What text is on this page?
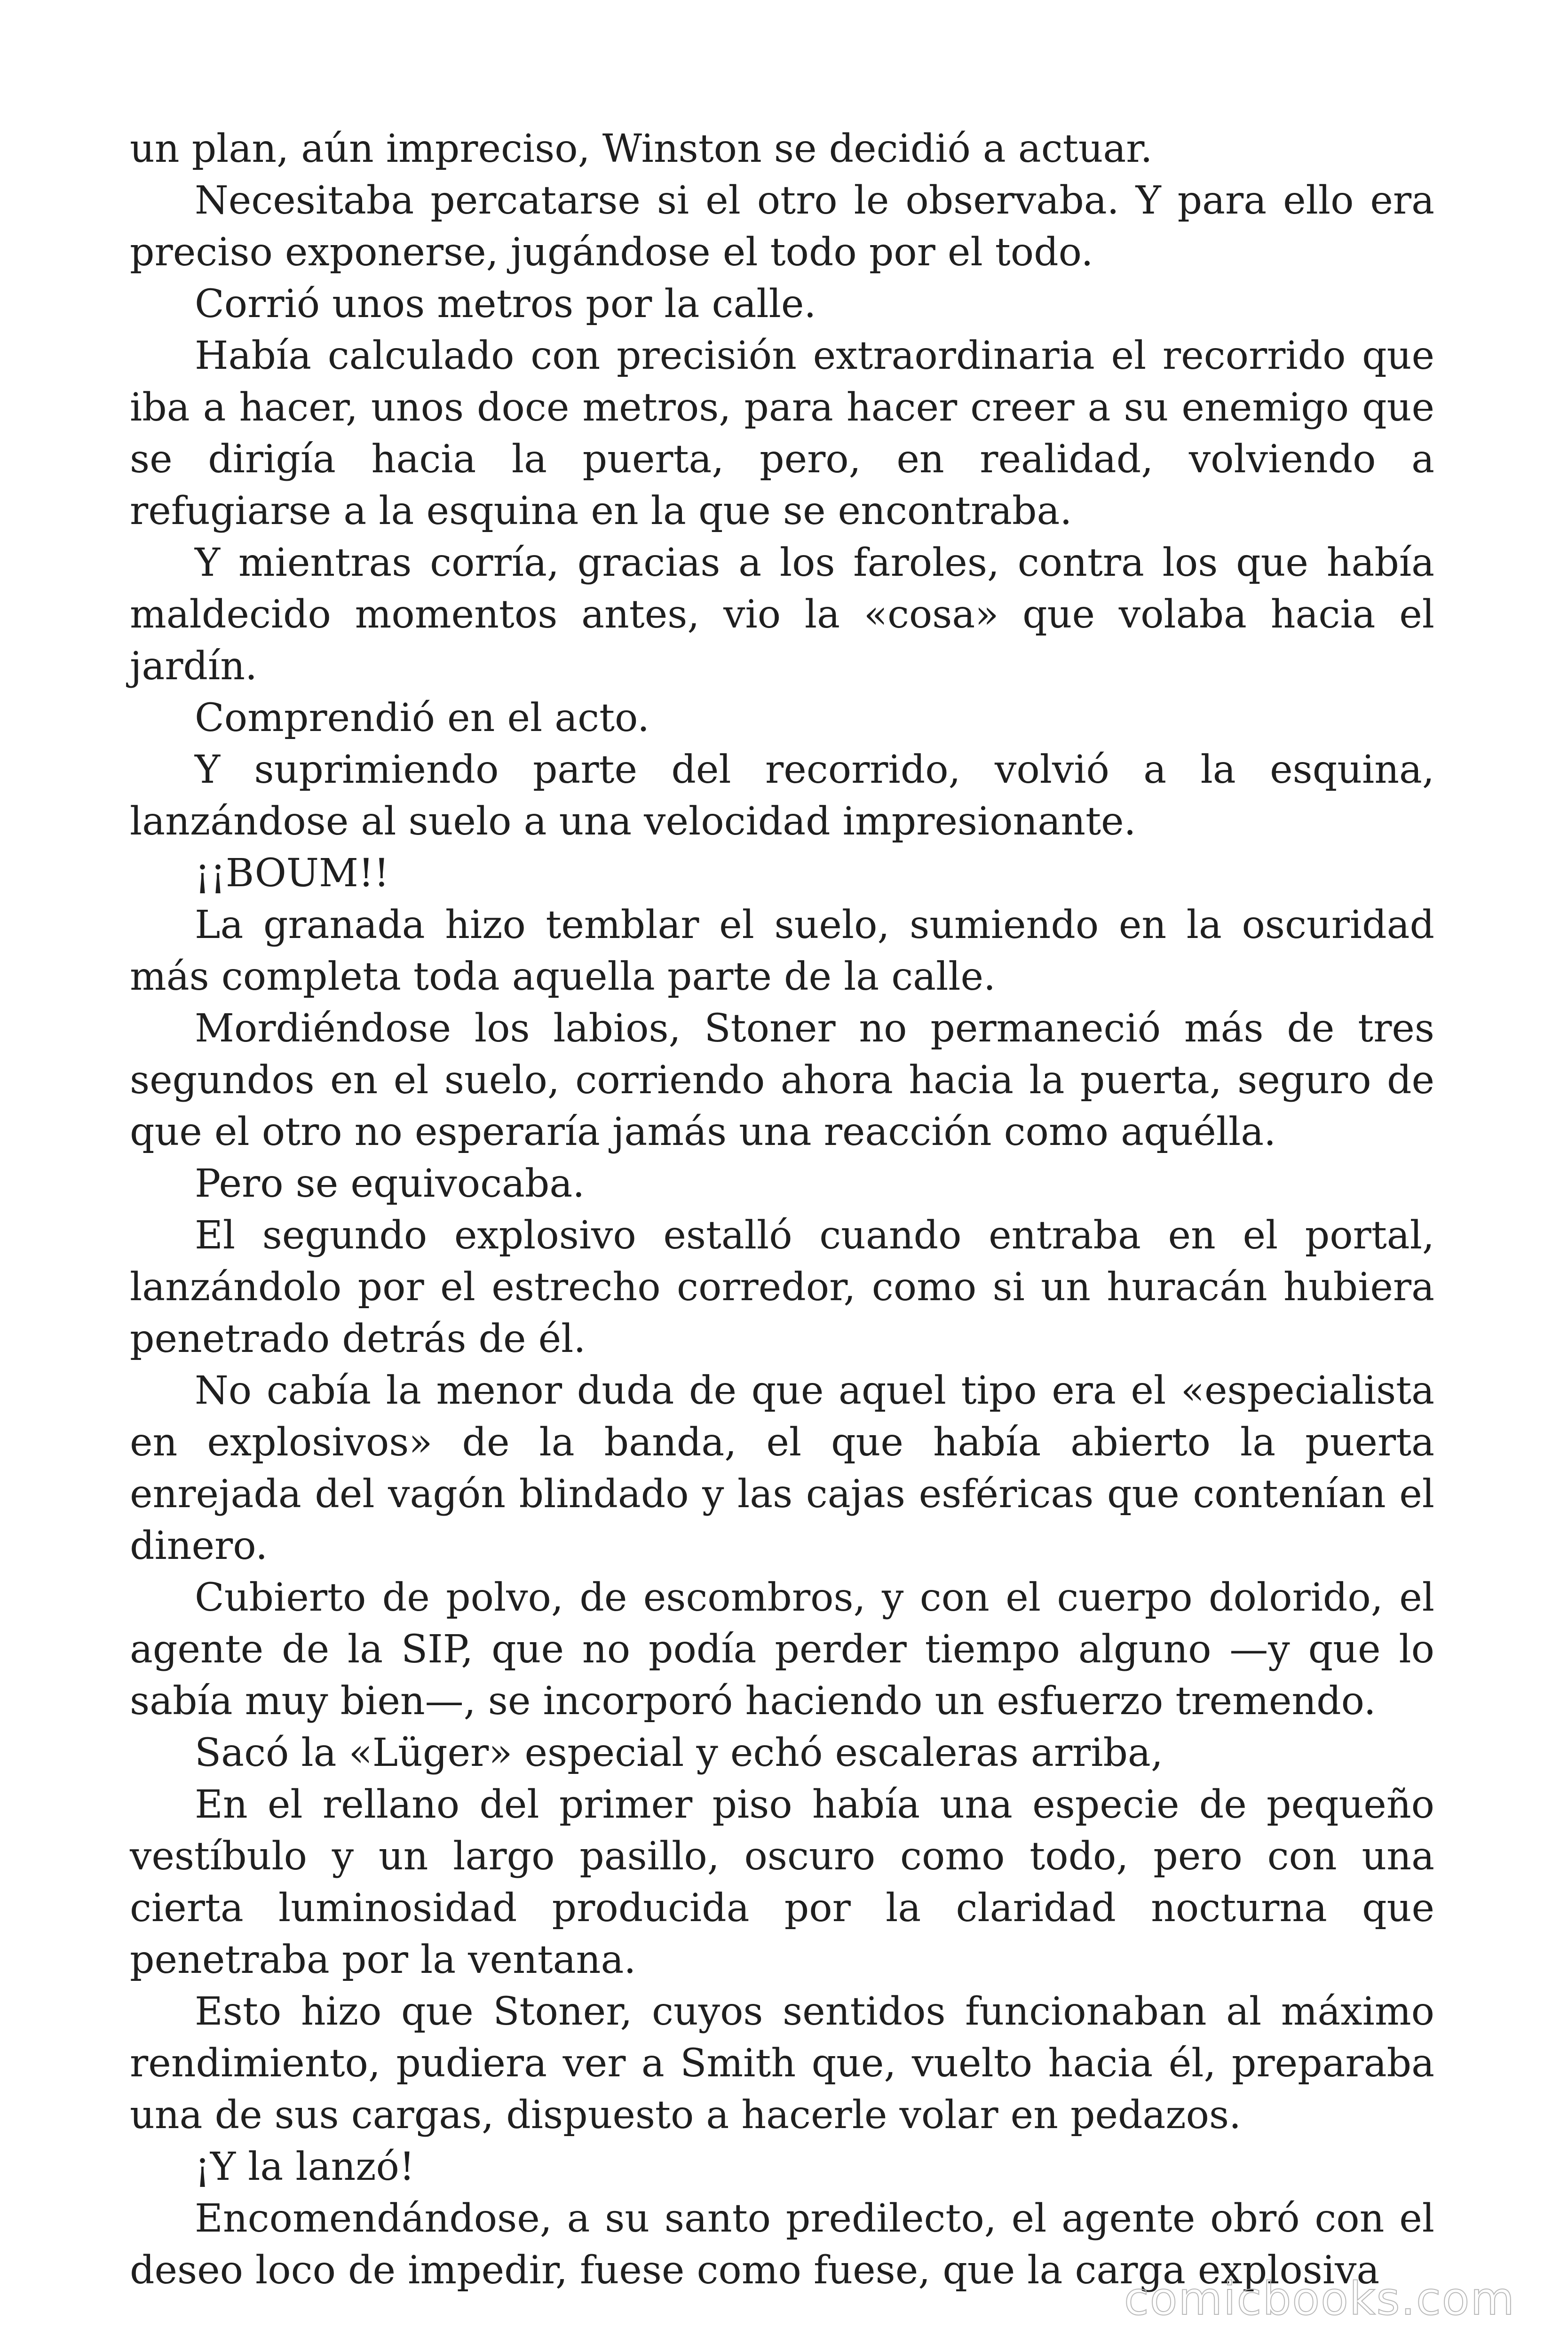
un plan, aún impreciso, Winston se decidió a actuar.

Necesitaba percatarse si el otro le observaba. Y para ello era preciso exponerse, jugándose el todo por el todo.

Corrió unos metros por la calle.

Había calculado con precisión extraordinaria el recorrido que iba a hacer, unos doce metros, para hacer creer a su enemigo que se dirigía hacia la puerta, pero, en realidad, volviendo a refugiarse a la esquina en la que se encontraba.

Y mientras corría, gracias a los faroles, contra los que había maldecido momentos antes, vio la «cosa» que volaba hacia el jardín.

Comprendió en el acto.

Y suprimiendo parte del recorrido, volvió a la esquina, lanzándose al suelo a una velocidad impresionante.

¡¡BOUM!!

La granada hizo temblar el suelo, sumiendo en la oscuridad más completa toda aquella parte de la calle.

Mordiéndose los labios, Stoner no permaneció más de tres segundos en el suelo, corriendo ahora hacia la puerta, seguro de que el otro no esperaría jamás una reacción como aquélla.

Pero se equivocaba.

El segundo explosivo estalló cuando entraba en el portal, lanzándolo por el estrecho corredor, como si un huracán hubiera penetrado detrás de él.

No cabía la menor duda de que aquel tipo era el «especialista en explosivos» de la banda, el que había abierto la puerta enrejada del vagón blindado y las cajas esféricas que contenían el dinero.

Cubierto de polvo, de escombros, y con el cuerpo dolorido, el agente de la SIP, que no podía perder tiempo alguno —y que lo sabía muy bien—, se incorporó haciendo un esfuerzo tremendo.

Sacó la «Lüger» especial y echó escaleras arriba,

En el rellano del primer piso había una especie de pequeño vestíbulo y un largo pasillo, oscuro como todo, pero con una cierta luminosidad producida por la claridad nocturna que penetraba por la ventana.

Esto hizo que Stoner, cuyos sentidos funcionaban al máximo rendimiento, pudiera ver a Smith que, vuelto hacia él, preparaba una de sus cargas, dispuesto a hacerle volar en pedazos.

¡Y la lanzó!

Encomendándose, a su santo predilecto, el agente obró con el deseo loco de impedir, fuese como fuese, que la carga explosiva

comicbooks.com
